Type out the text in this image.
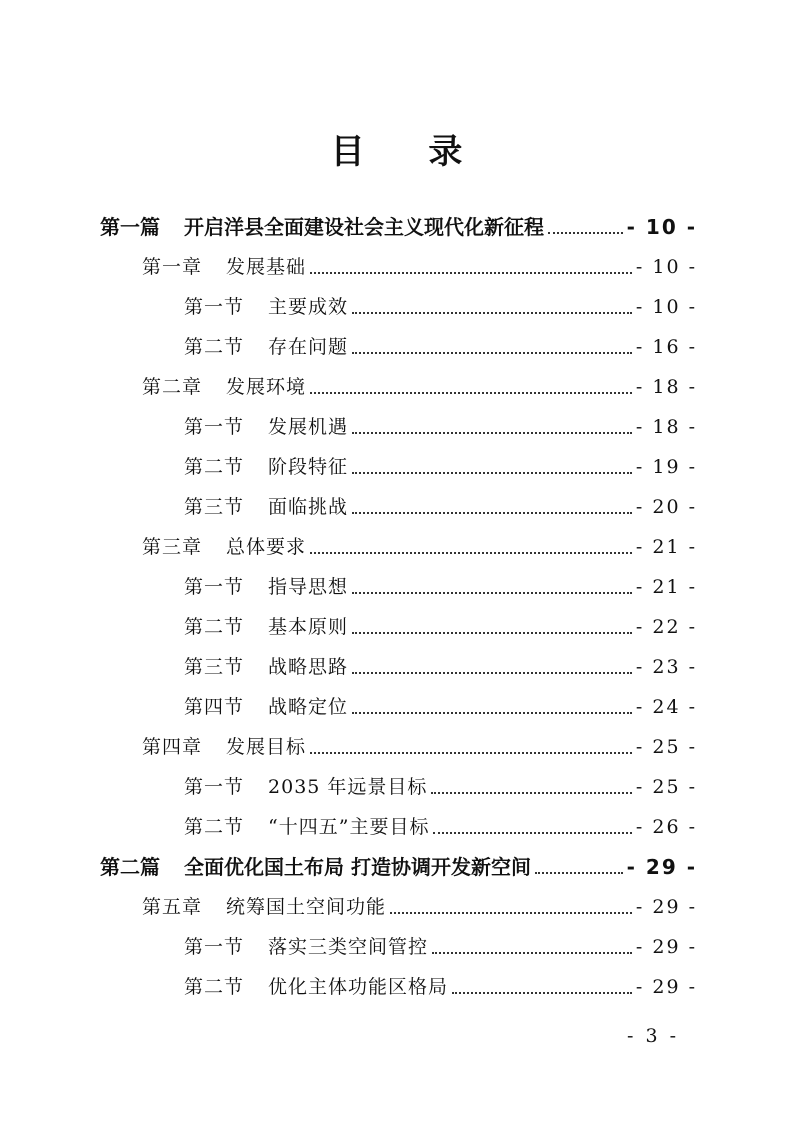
目 录
第一篇 开启洋县全面建设社会主义现代化新征程	- 10 -
第一章 发展基础	- 10 -
第一节 主要成效	- 10 -
第二节 存在问题	- 16 -
第二章 发展环境	- 18 -
第一节 发展机遇	- 18 -
第二节 阶段特征	- 19 -
第三节 面临挑战	- 20 -
第三章 总体要求	- 21 -
第一节 指导思想	- 21 -
第二节 基本原则	- 22 -
第三节 战略思路	- 23 -
第四节 战略定位	- 24 -
第四章 发展目标	- 25 -
第一节 2035 年远景目标	- 25 -
第二节 “十四五”主要目标	- 26 -
第二篇 全面优化国土布局 打造协调开发新空间	- 29 -
第五章 统筹国土空间功能	- 29 -
第一节 落实三类空间管控	- 29 -
第二节 优化主体功能区格局	- 29 -
- 3 -
